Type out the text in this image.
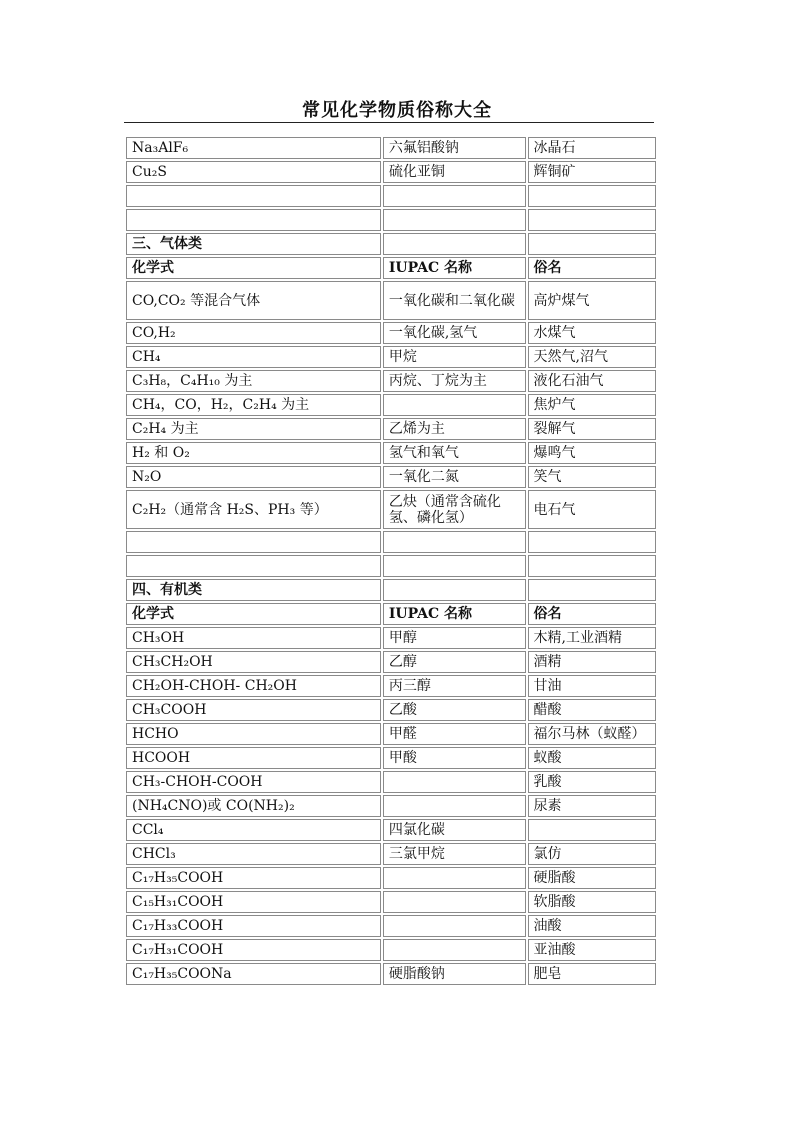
常见化学物质俗称大全
Na₃AlF₆	六氟铝酸钠	冰晶石
Cu₂S	硫化亚铜	辉铜矿

三、气体类		
化学式	IUPAC 名称	俗名
CO,CO₂ 等混合气体	一氧化碳和二氧化碳	高炉煤气
CO,H₂	一氧化碳,氢气	水煤气
CH₄	甲烷	天然气,沼气
C₃H₈，C₄H₁₀ 为主	丙烷、丁烷为主	液化石油气
CH₄，CO，H₂，C₂H₄ 为主		焦炉气
C₂H₄ 为主	乙烯为主	裂解气
H₂ 和 O₂	氢气和氧气	爆鸣气
N₂O	一氧化二氮	笑气
C₂H₂（通常含 H₂S、PH₃ 等）	乙炔（通常含硫化氢、磷化氢）	电石气

四、有机类		
化学式	IUPAC 名称	俗名
CH₃OH	甲醇	木精,工业酒精
CH₃CH₂OH	乙醇	酒精
CH₂OH-CHOH- CH₂OH	丙三醇	甘油
CH₃COOH	乙酸	醋酸
HCHO	甲醛	福尔马林（蚁醛）
HCOOH	甲酸	蚁酸
CH₃-CHOH-COOH		乳酸
(NH₄CNO)或 CO(NH₂)₂		尿素
CCl₄	四氯化碳	
CHCl₃	三氯甲烷	氯仿
C₁₇H₃₅COOH		硬脂酸
C₁₅H₃₁COOH		软脂酸
C₁₇H₃₃COOH		油酸
C₁₇H₃₁COOH		亚油酸
C₁₇H₃₅COONa	硬脂酸钠	肥皂
